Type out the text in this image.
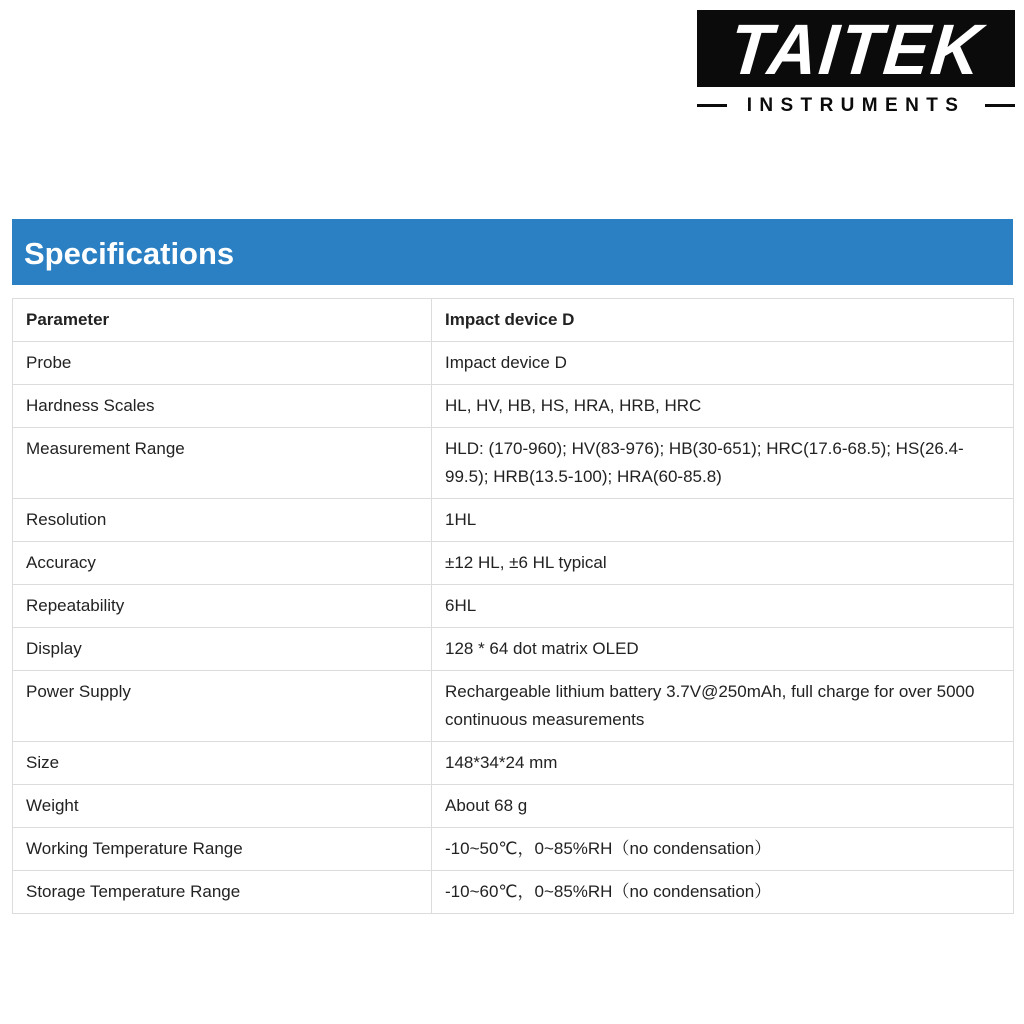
TAITEK
INSTRUMENTS
Specifications
Parameter	Impact device D
Probe	Impact device D
Hardness Scales	HL, HV, HB, HS, HRA, HRB, HRC
Measurement Range	HLD: (170-960); HV(83-976); HB(30-651); HRC(17.6-68.5); HS(26.4-99.5); HRB(13.5-100); HRA(60-85.8)
Resolution	1HL
Accuracy	±12 HL, ±6 HL typical
Repeatability	6HL
Display	128 * 64 dot matrix OLED
Power Supply	Rechargeable lithium battery 3.7V@250mAh, full charge for over 5000 continuous measurements
Size	148*34*24 mm
Weight	About 68 g
Working Temperature Range	-10~50℃，0~85%RH（no condensation）
Storage Temperature Range	-10~60℃，0~85%RH（no condensation）
